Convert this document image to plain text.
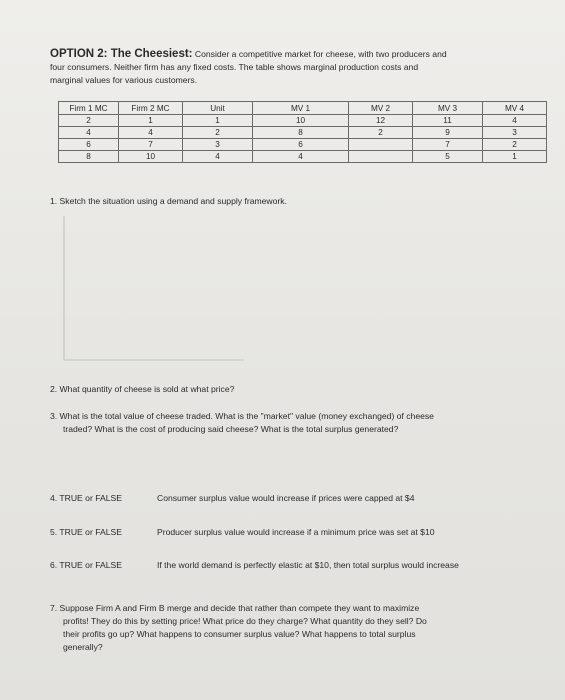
OPTION 2: The Cheesiest: Consider a competitive market for cheese, with two producers and
four consumers. Neither firm has any fixed costs. The table shows marginal production costs and
marginal values for various customers.
Firm 1 MC	Firm 2 MC	Unit	MV 1	MV 2	MV 3	MV 4
2	1	1	10	12	11	4
4	4	2	8	2	9	3
6	7	3	6		7	2
8	10	4	4		5	1
1. Sketch the situation using a demand and supply framework.
2. What quantity of cheese is sold at what price?
3. What is the total value of cheese traded. What is the "market" value (money exchanged) of cheese

traded? What is the cost of producing said cheese? What is the total surplus generated?
4. TRUE or FALSE	Consumer surplus value would increase if prices were capped at $4
5. TRUE or FALSE	Producer surplus value would increase if a minimum price was set at $10
6. TRUE or FALSE	If the world demand is perfectly elastic at $10, then total surplus would increase
7. Suppose Firm A and Firm B merge and decide that rather than compete they want to maximize

profits! They do this by setting price! What price do they charge? What quantity do they sell? Do
their profits go up? What happens to consumer surplus value? What happens to total surplus
generally?
